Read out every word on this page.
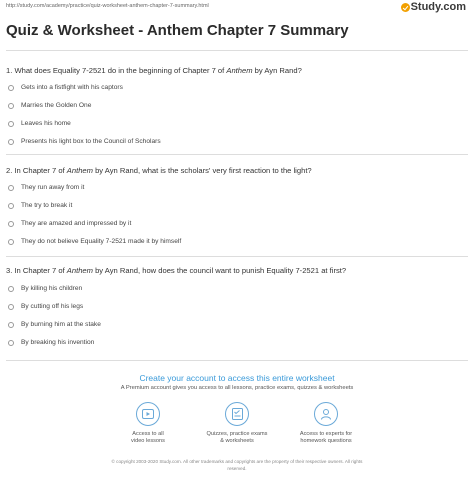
http://study.com/academy/practice/quiz-worksheet-anthem-chapter-7-summary.html	Study.com
Quiz & Worksheet - Anthem Chapter 7 Summary
1. What does Equality 7-2521 do in the beginning of Chapter 7 of Anthem by Ayn Rand?
Gets into a fistfight with his captors
Marries the Golden One
Leaves his home
Presents his light box to the Council of Scholars
2. In Chapter 7 of Anthem by Ayn Rand, what is the scholars' very first reaction to the light?
They run away from it
The try to break it
They are amazed and impressed by it
They do not believe Equality 7-2521 made it by himself
3. In Chapter 7 of Anthem by Ayn Rand, how does the council want to punish Equality 7-2521 at first?
By killing his children
By cutting off his legs
By burning him at the stake
By breaking his invention
Create your account to access this entire worksheet
A Premium account gives you access to all lessons, practice exams, quizzes & worksheets
Access to all
video lessons
Quizzes, practice exams
& worksheets
Access to experts for
homework questions
© copyright 2003-2020 Study.com. All other trademarks and copyrights are the property of their respective owners. All rights
reserved.
